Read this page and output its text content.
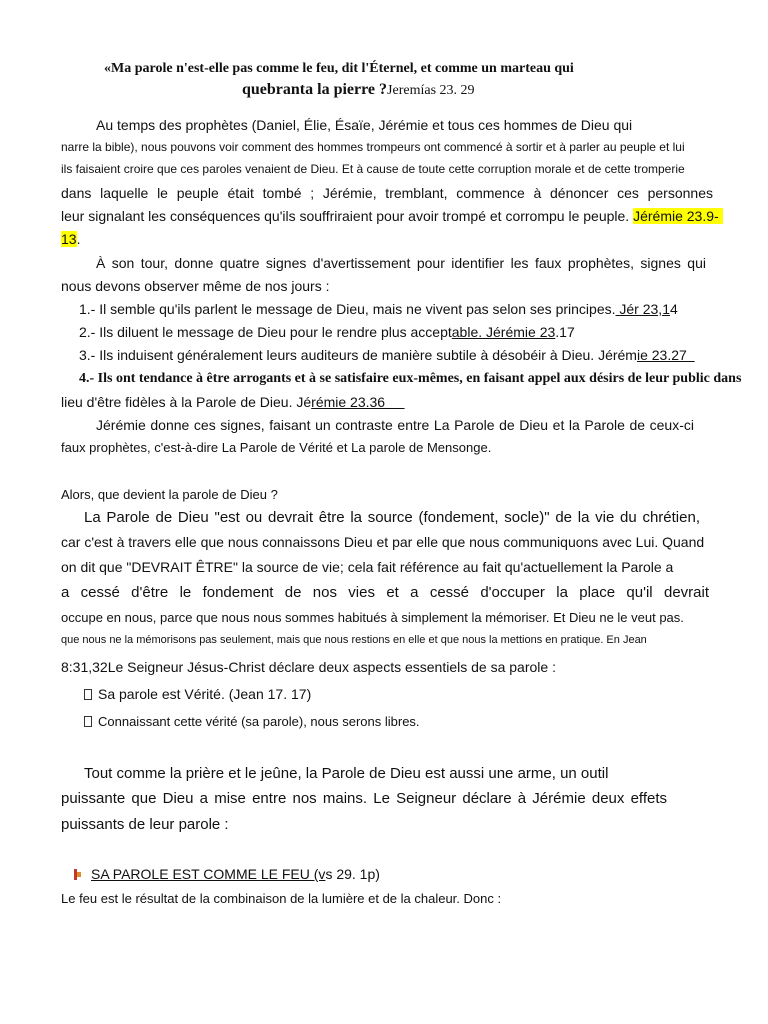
«Ma parole n'est-elle pas comme le feu, dit l'Éternel, et comme un marteau qui
quebranta la pierre ?Jeremías 23. 29
Au temps des prophètes (Daniel, Élie, Ésaïe, Jérémie et tous ces hommes de Dieu qui
narre la bible), nous pouvons voir comment des hommes trompeurs ont commencé à sortir et à parler au peuple et lui
ils faisaient croire que ces paroles venaient de Dieu. Et à cause de toute cette corruption morale et de cette tromperie
dans laquelle le peuple était tombé ; Jérémie, tremblant, commence à dénoncer ces personnes
leur signalant les conséquences qu'ils souffriraient pour avoir trompé et corrompu le peuple. Jérémie 23.9-
13.
À son tour, donne quatre signes d'avertissement pour identifier les faux prophètes, signes qui
nous devons observer même de nos jours :
1.- Il semble qu'ils parlent le message de Dieu, mais ne vivent pas selon ses principes. Jér 23,14
2.- Ils diluent le message de Dieu pour le rendre plus acceptable. Jérémie 23.17
3.- Ils induisent généralement leurs auditeurs de manière subtile à désobéir à Dieu. Jérémie 23.27
4.- Ils ont tendance à être arrogants et à se satisfaire eux-mêmes, en faisant appel aux désirs de leur public dans
lieu d'être fidèles à la Parole de Dieu. Jérémie 23.36
Jérémie donne ces signes, faisant un contraste entre La Parole de Dieu et la Parole de ceux-ci
faux prophètes, c'est-à-dire La Parole de Vérité et La parole de Mensonge.
Alors, que devient la parole de Dieu ?
La Parole de Dieu "est ou devrait être la source (fondement, socle)" de la vie du chrétien,
car c'est à travers elle que nous connaissons Dieu et par elle que nous communiquons avec Lui. Quand
on dit que "DEVRAIT ÊTRE" la source de vie; cela fait référence au fait qu'actuellement la Parole a
a cessé d'être le fondement de nos vies et a cessé d'occuper la place qu'il devrait
occupe en nous, parce que nous nous sommes habitués à simplement la mémoriser. Et Dieu ne le veut pas.
que nous ne la mémorisons pas seulement, mais que nous restions en elle et que nous la mettions en pratique. En Jean
8:31,32Le Seigneur Jésus-Christ déclare deux aspects essentiels de sa parole :
Sa parole est Vérité. (Jean 17. 17)
Connaissant cette vérité (sa parole), nous serons libres.
Tout comme la prière et le jeûne, la Parole de Dieu est aussi une arme, un outil
puissante que Dieu a mise entre nos mains. Le Seigneur déclare à Jérémie deux effets
puissants de leur parole :
SA PAROLE EST COMME LE FEU (vs 29. 1p)
Le feu est le résultat de la combinaison de la lumière et de la chaleur. Donc :
